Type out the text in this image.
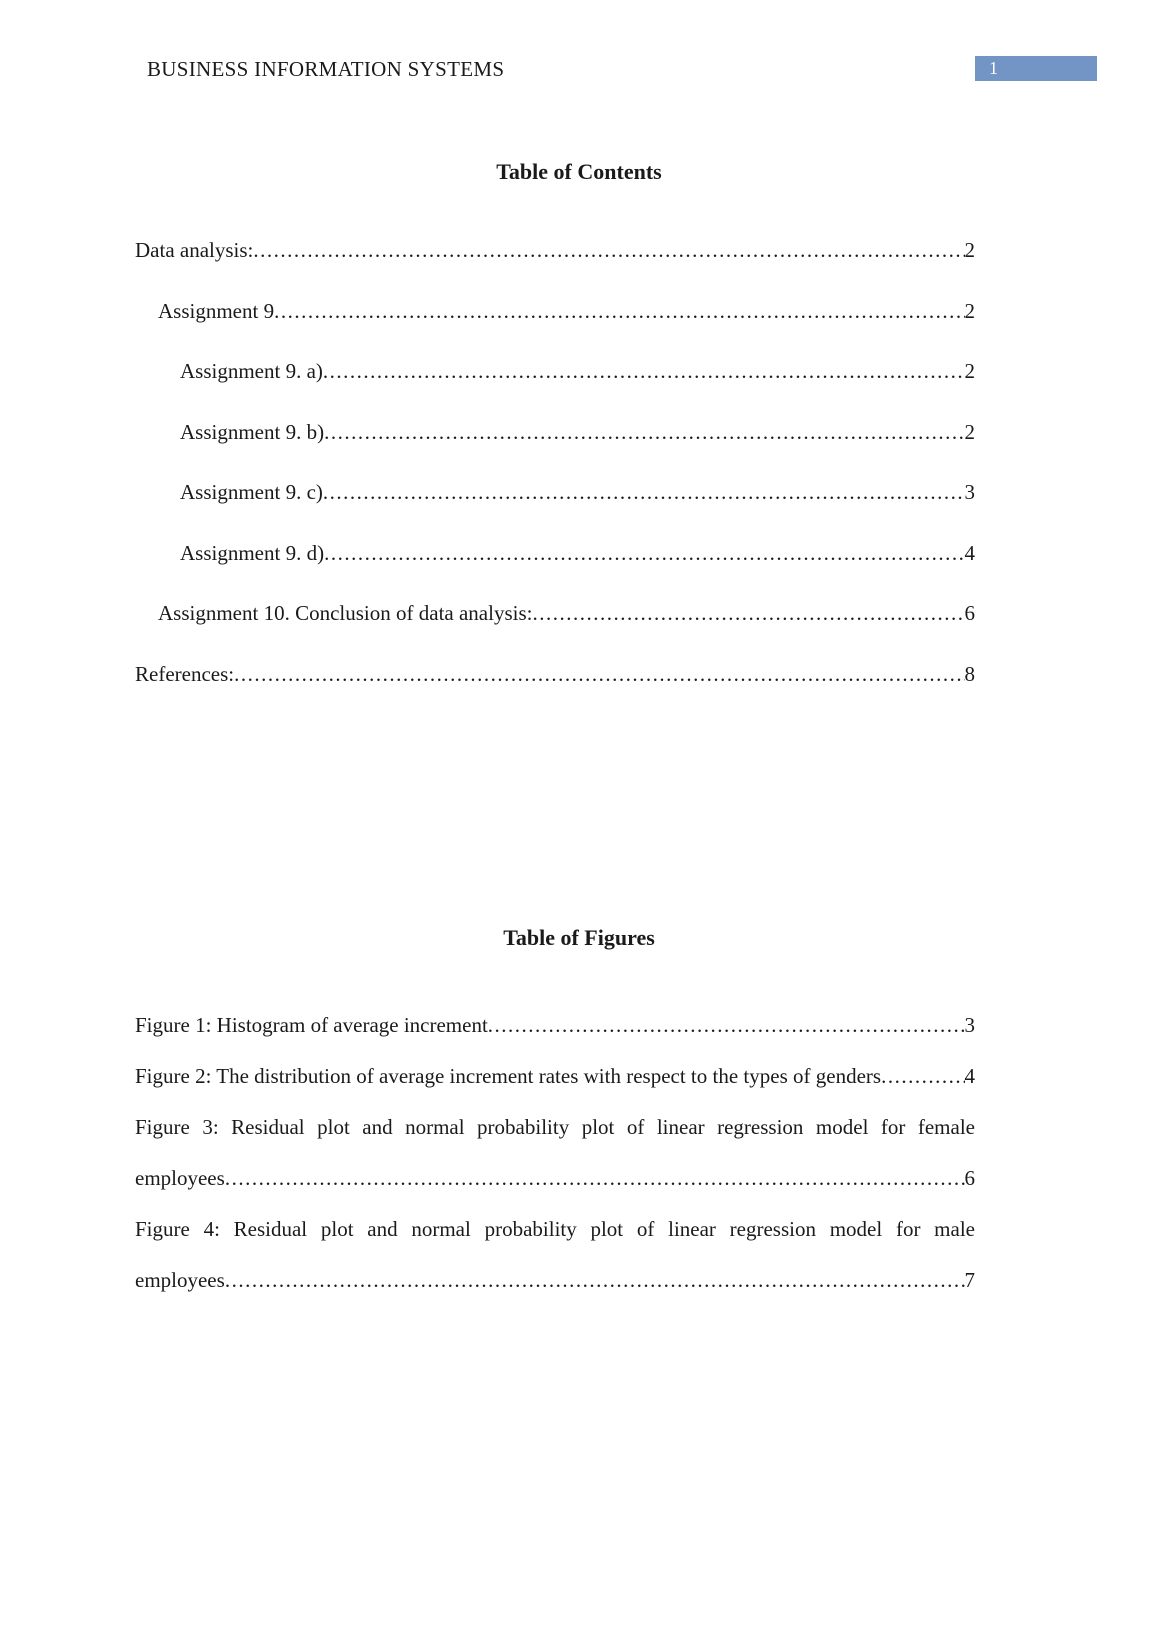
BUSINESS INFORMATION SYSTEMS	1
Table of Contents
Data analysis: .....	2
Assignment 9 .....	2
Assignment 9. a) .....	2
Assignment 9. b) .....	2
Assignment 9. c) .....	3
Assignment 9. d) .....	4
Assignment 10. Conclusion of data analysis: .....	6
References: .....	8
Table of Figures
Figure 1: Histogram of average increment .....	3
Figure 2: The distribution of average increment rates with respect to the types of genders .....	4
Figure 3: Residual plot and normal probability plot of linear regression model for female
employees .....	6
Figure 4: Residual plot and normal probability plot of linear regression model for male
employees .....	7
